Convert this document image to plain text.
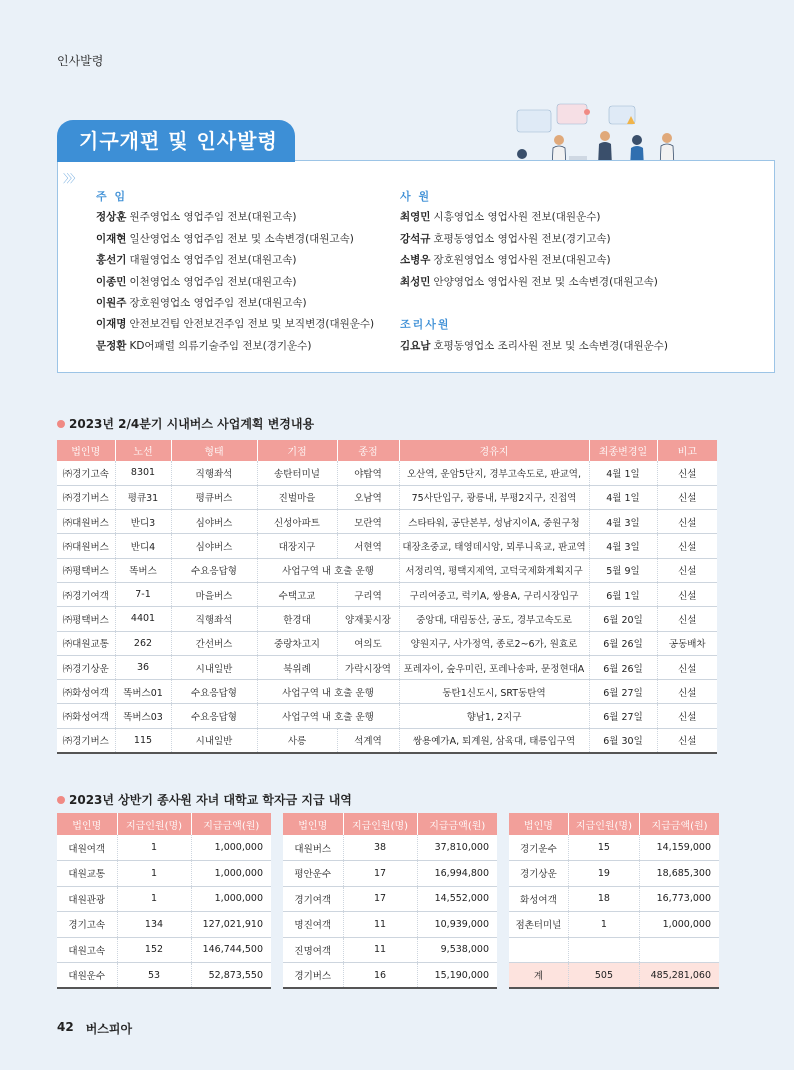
인사발령
기구개편 및 인사발령
〉〉〉
주 임
정상훈 원주영업소 영업주임 전보(대원고속)
이재현 일산영업소 영업주임 전보 및 소속변경(대원고속)
홍선기 대월영업소 영업주임 전보(대원고속)
이종민 이천영업소 영업주임 전보(대원고속)
이원주 장호원영업소 영업주임 전보(대원고속)
이재명 안전보건팀 안전보건주임 전보 및 보직변경(대원운수)
문정환 KD어패럴 의류기술주임 전보(경기운수)
사 원
최영민 시흥영업소 영업사원 전보(대원운수)
강석규 호평동영업소 영업사원 전보(경기고속)
소병우 장호원영업소 영업사원 전보(대원고속)
최성민 안양영업소 영업사원 전보 및 소속변경(대원고속)

조리사원
김요남 호평동영업소 조리사원 전보 및 소속변경(대원운수)
2023년 2/4분기 시내버스 사업계획 변경내용
법인명	노선	형태	기점	종점	경유지	최종변경일	비고
㈜경기고속	8301	직행좌석	송탄터미널	야탑역	오산역, 운암5단지, 경부고속도로, 판교역,	4월 1일	신설
㈜경기버스	평큐31	평큐버스	진벌마을	오남역	75사단입구, 광릉내, 부평2지구, 진접역	4월 1일	신설
㈜대원버스	반디3	심야버스	신성아파트	모란역	스타타워, 공단본부, 성남지이A, 중원구청	4월 3일	신설
㈜대원버스	반디4	심야버스	대장지구	서현역	대장초중교, 태영데시앙, 뫼루니육교, 판교역	4월 3일	신설
㈜평택버스	똑버스	수요응답형	사업구역 내 호출 운행		서정리역, 평택지제역, 고덕국제화계획지구	5월 9일	신설
㈜경기여객	7-1	마을버스	수택고교	구리역	구리여중고, 럭키A, 쌍용A, 구리시장입구	6월 1일	신설
㈜평택버스	4401	직행좌석	한경대	양재꽃시장	중앙대, 대림동산, 공도, 경부고속도로	6월 20일	신설
㈜대원교통	262	간선버스	중랑차고지	여의도	양원지구, 사가정역, 종로2~6가, 원효로	6월 26일	공동배차
㈜경기상운	36	시내일반	북위례	가락시장역	포레자이, 숲우미린, 포레나송파, 문정현대A	6월 26일	신설
㈜화성여객	똑버스01	수요응답형	사업구역 내 호출 운행		동탄1신도시, SRT동탄역	6월 27일	신설
㈜화성여객	똑버스03	수요응답형	사업구역 내 호출 운행		향남1, 2지구	6월 27일	신설
㈜경기버스	115	시내일반	사릉	석계역	쌍용예가A, 퇴계원, 삼육대, 태릉입구역	6월 30일	신설
2023년 상반기 종사원 자녀 대학교 학자금 지급 내역
법인명	지급인원(명)	지급금액(원)
대원여객	1	1,000,000
대원교통	1	1,000,000
대원관광	1	1,000,000
경기고속	134	127,021,910
대원고속	152	146,744,500
대원운수	53	52,873,550
법인명	지급인원(명)	지급금액(원)
대원버스	38	37,810,000
평안운수	17	16,994,800
경기여객	17	14,552,000
명진여객	11	10,939,000
진명여객	11	9,538,000
경기버스	16	15,190,000
법인명	지급인원(명)	지급금액(원)
경기운수	15	14,159,000
경기상운	19	18,685,300
화성여객	18	16,773,000
점촌터미널	1	1,000,000

계	505	485,281,060
42 버스피아
